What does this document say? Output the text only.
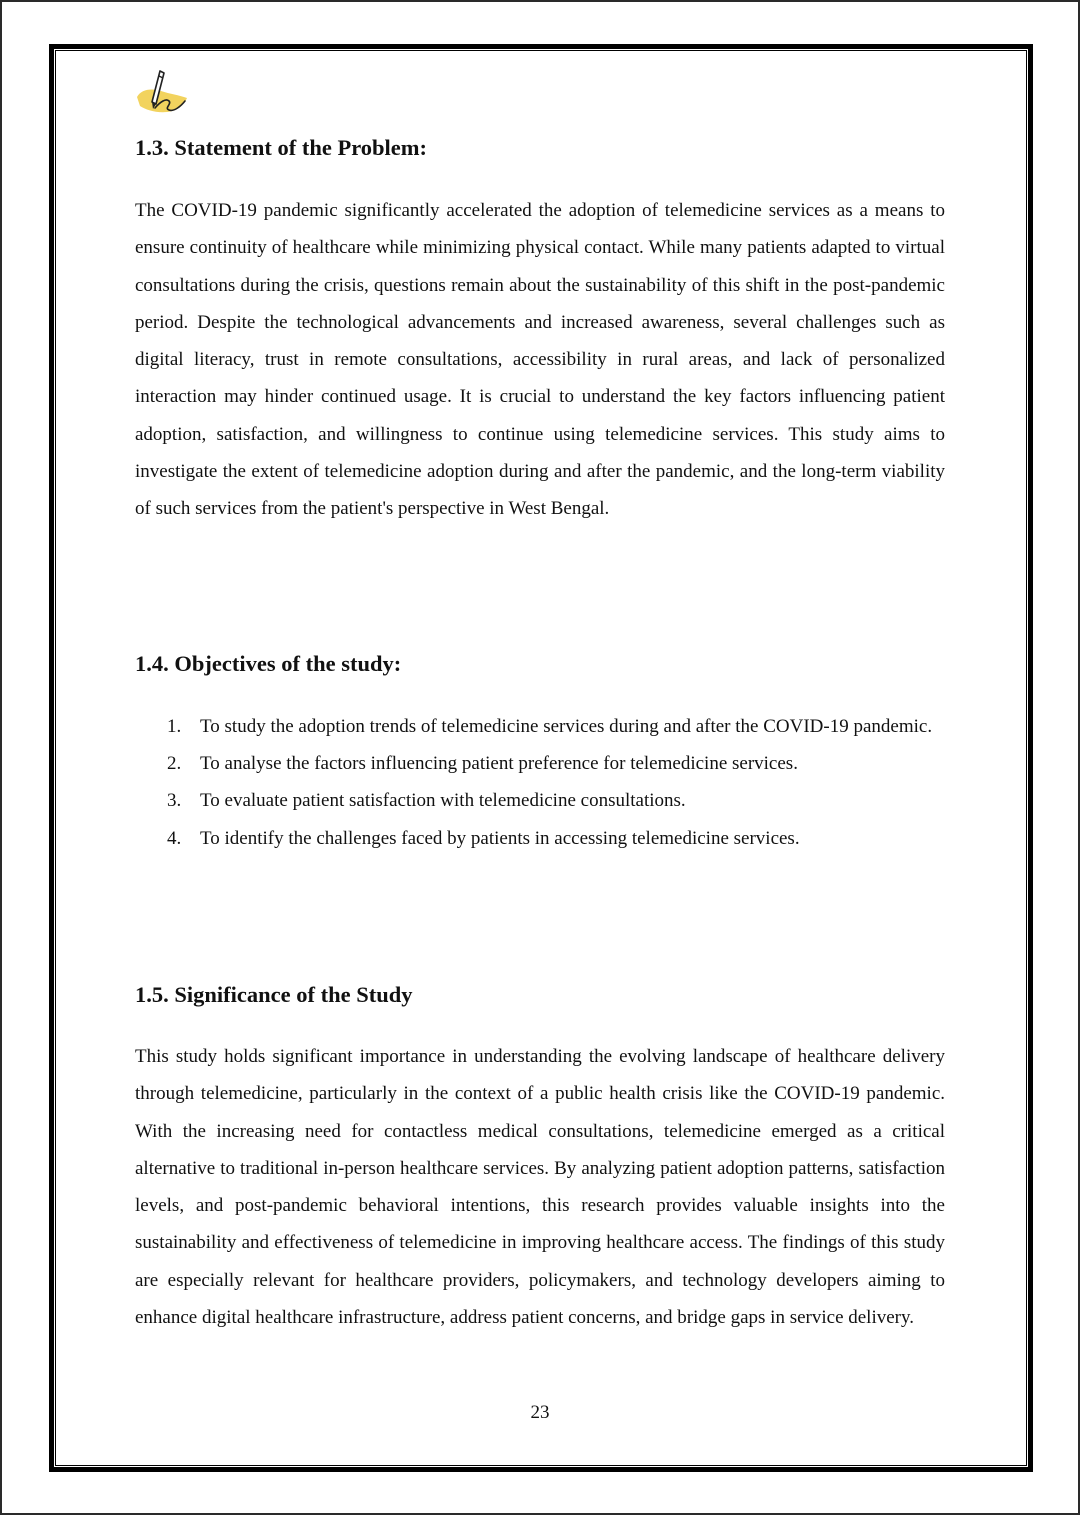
1.3. Statement of the Problem:

The COVID-19 pandemic significantly accelerated the adoption of telemedicine services as a means to ensure continuity of healthcare while minimizing physical contact. While many patients adapted to virtual consultations during the crisis, questions remain about the sustainability of this shift in the post-pandemic period. Despite the technological advancements and increased awareness, several challenges such as digital literacy, trust in remote consultations, accessibility in rural areas, and lack of personalized interaction may hinder continued usage. It is crucial to understand the key factors influencing patient adoption, satisfaction, and willingness to continue using telemedicine services. This study aims to investigate the extent of telemedicine adoption during and after the pandemic, and the long-term viability of such services from the patient's perspective in West Bengal.

1.4. Objectives of the study:
1. To study the adoption trends of telemedicine services during and after the COVID-19 pandemic.
2. To analyse the factors influencing patient preference for telemedicine services.
3. To evaluate patient satisfaction with telemedicine consultations.
4. To identify the challenges faced by patients in accessing telemedicine services.
1.5. Significance of the Study

This study holds significant importance in understanding the evolving landscape of healthcare delivery through telemedicine, particularly in the context of a public health crisis like the COVID-19 pandemic. With the increasing need for contactless medical consultations, telemedicine emerged as a critical alternative to traditional in-person healthcare services. By analyzing patient adoption patterns, satisfaction levels, and post-pandemic behavioral intentions, this research provides valuable insights into the sustainability and effectiveness of telemedicine in improving healthcare access. The findings of this study are especially relevant for healthcare providers, policymakers, and technology developers aiming to enhance digital healthcare infrastructure, address patient concerns, and bridge gaps in service delivery.

23
